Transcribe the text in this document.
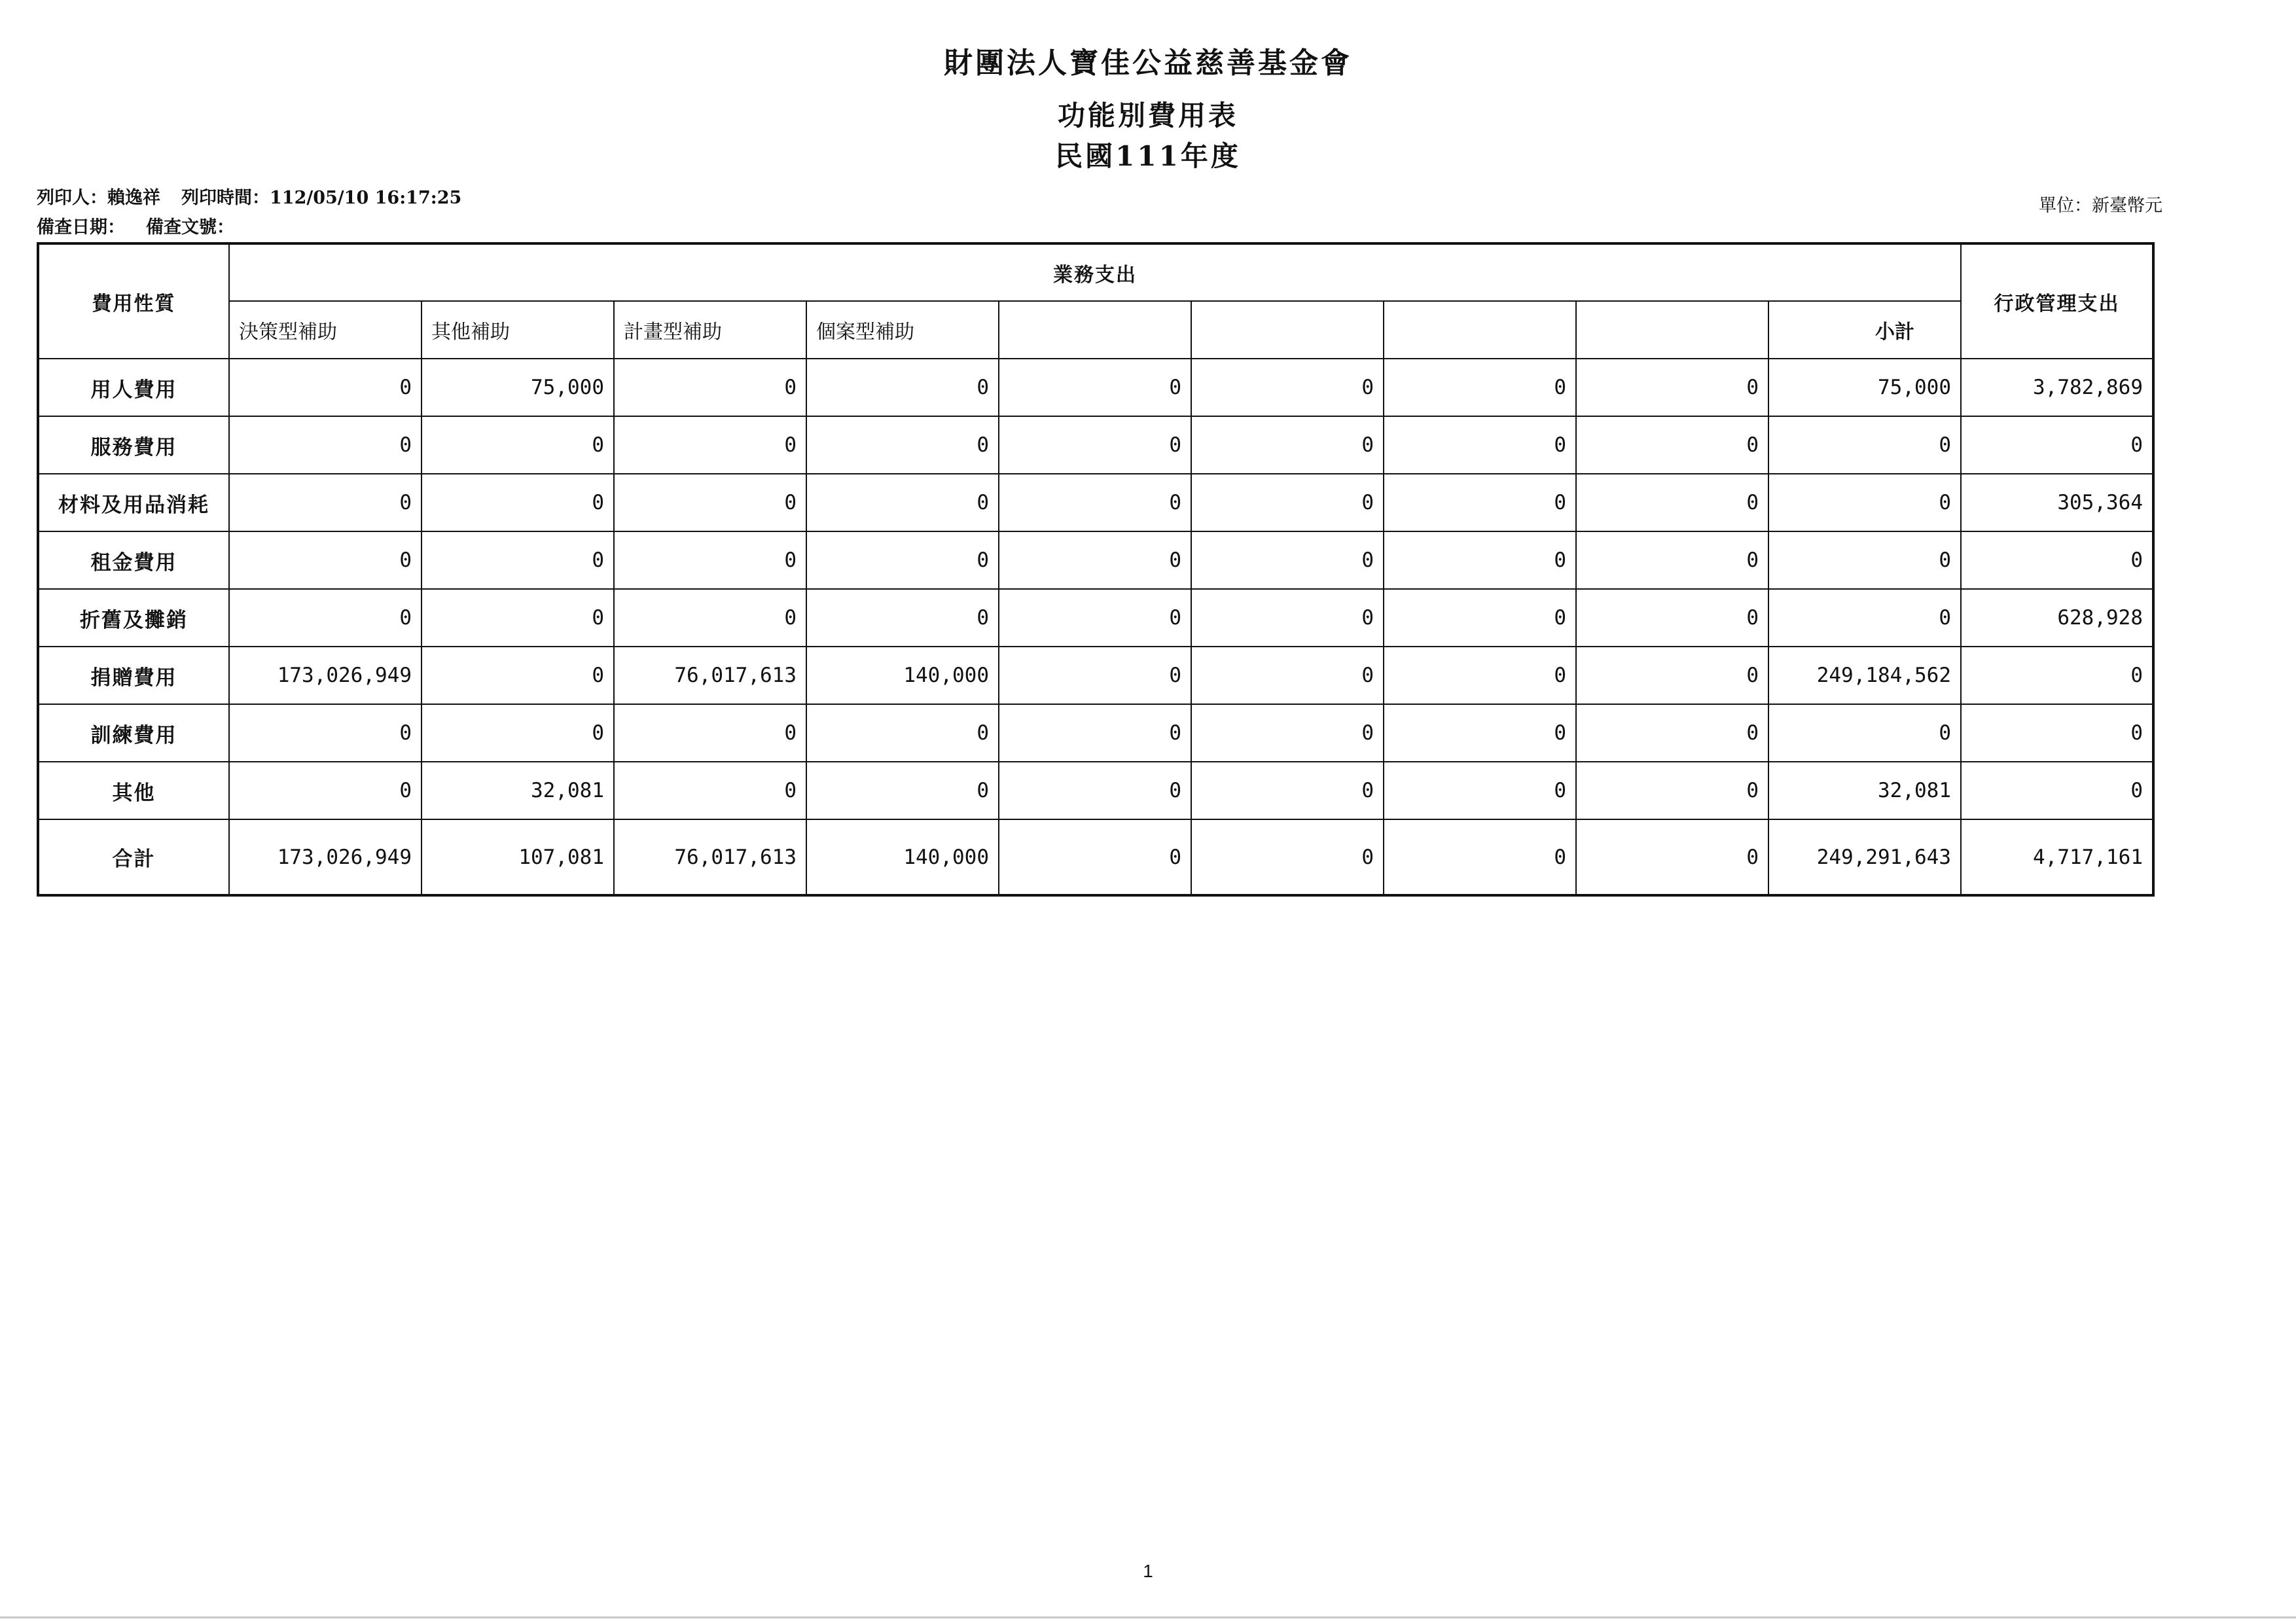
財團法人寶佳公益慈善基金會
功能別費用表
民國111年度
列印人：賴逸祥 列印時間：112/05/10 16:17:25
備查日期： 備查文號：
單位：新臺幣元
費用性質	業務支出									行政管理支出
	決策型補助	其他補助	計畫型補助	個案型補助					小計	
用人費用	0	75,000	0	0	0	0	0	0	75,000	3,782,869
服務費用	0	0	0	0	0	0	0	0	0	0
材料及用品消耗	0	0	0	0	0	0	0	0	0	305,364
租金費用	0	0	0	0	0	0	0	0	0	0
折舊及攤銷	0	0	0	0	0	0	0	0	0	628,928
捐贈費用	173,026,949	0	76,017,613	140,000	0	0	0	0	249,184,562	0
訓練費用	0	0	0	0	0	0	0	0	0	0
其他	0	32,081	0	0	0	0	0	0	32,081	0
合計	173,026,949	107,081	76,017,613	140,000	0	0	0	0	249,291,643	4,717,161
1
